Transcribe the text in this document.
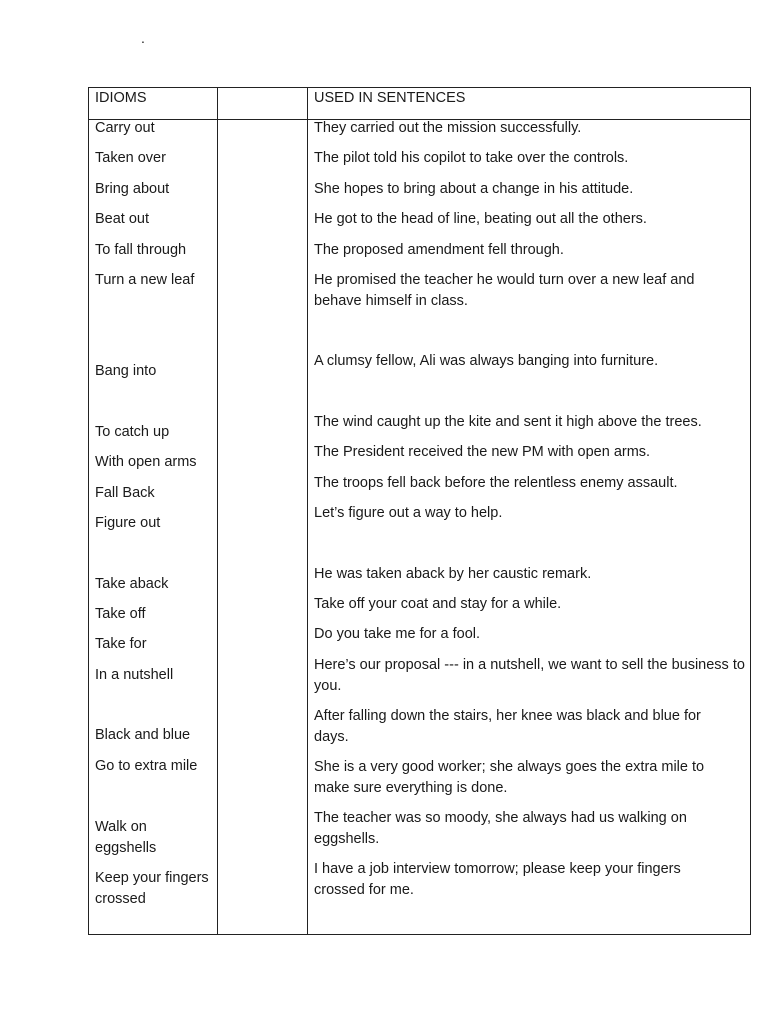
.
IDIOMS	USED IN SENTENCES
Carry out
Taken over
Bring about
Beat out
To fall through
Turn a new leaf
Bang into
To catch up
With open arms
Fall Back
Figure out
Take aback
Take off
Take for
In a nutshell
Black and blue
Go to extra mile
Walk on eggshells
Keep your fingers crossed
They carried out the mission successfully.
The pilot told his copilot to take over the controls.
She hopes to bring about a change in his attitude.
He got to the head of line, beating out all the others.
The proposed amendment fell through.
He promised the teacher he would turn over a new leaf and behave himself in class.
A clumsy fellow, Ali was always banging into furniture.
The wind caught up the kite and sent it high above the trees.
The President received the new PM with open arms.
The troops fell back before the relentless enemy assault.
Let’s figure out a way to help.
He was taken aback by her caustic remark.
Take off your coat and stay for a while.
Do you take me for a fool.
Here’s our proposal --- in a nutshell, we want to sell the business to you.
After falling down the stairs, her knee was black and blue for days.
She is a very good worker; she always goes the extra mile to make sure everything is done.
The teacher was so moody, she always had us walking on eggshells.
I have a job interview tomorrow; please keep your fingers crossed for me.
